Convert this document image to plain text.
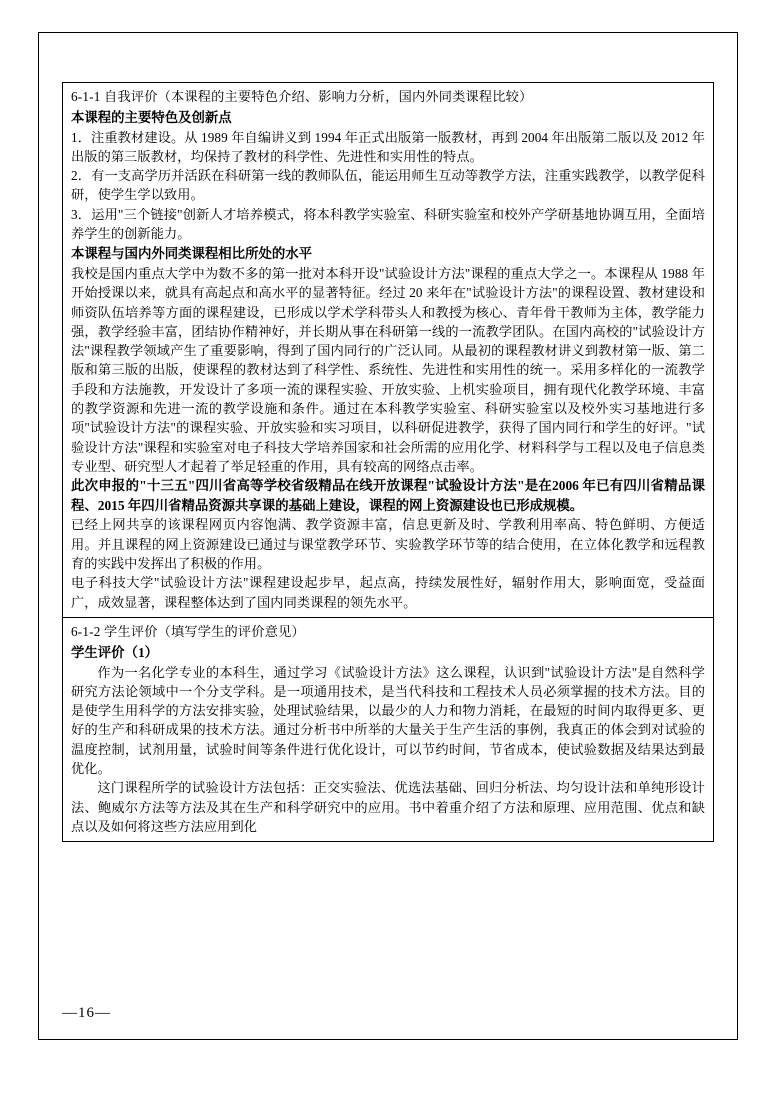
6-1-1 自我评价（本课程的主要特色介绍、影响力分析，国内外同类课程比较）

本课程的主要特色及创新点

1．注重教材建设。从 1989 年自编讲义到 1994 年正式出版第一版教材，再到 2004 年出版第二版以及 2012 年出版的第三版教材，均保持了教材的科学性、先进性和实用性的特点。

2．有一支高学历并活跃在科研第一线的教师队伍，能运用师生互动等教学方法，注重实践教学，以教学促科研，使学生学以致用。

3．运用"三个链接"创新人才培养模式，将本科教学实验室、科研实验室和校外产学研基地协调互用，全面培养学生的创新能力。

本课程与国内外同类课程相比所处的水平

我校是国内重点大学中为数不多的第一批对本科开设"试验设计方法"课程的重点大学之一。本课程从 1988 年开始授课以来，就具有高起点和高水平的显著特征。经过 20 来年在"试验设计方法"的课程设置、教材建设和师资队伍培养等方面的课程建设，已形成以学术学科带头人和教授为核心、青年骨干教师为主体，教学能力强，教学经验丰富，团结协作精神好，并长期从事在科研第一线的一流教学团队。在国内高校的"试验设计方法"课程教学领域产生了重要影响，得到了国内同行的广泛认同。从最初的课程教材讲义到教材第一版、第二版和第三版的出版，使课程的教材达到了科学性、系统性、先进性和实用性的统一。采用多样化的一流教学手段和方法施教，开发设计了多项一流的课程实验、开放实验、上机实验项目，拥有现代化教学环境、丰富的教学资源和先进一流的教学设施和条件。通过在本科教学实验室、科研实验室以及校外实习基地进行多项"试验设计方法"的课程实验、开放实验和实习项目，以科研促进教学，获得了国内同行和学生的好评。"试验设计方法"课程和实验室对电子科技大学培养国家和社会所需的应用化学、材料科学与工程以及电子信息类专业型、研究型人才起着了举足轻重的作用，具有较高的网络点击率。

此次申报的"十三五"四川省高等学校省级精品在线开放课程"试验设计方法"是在2006 年已有四川省精品课程、2015 年四川省精品资源共享课的基础上建设，课程的网上资源建设也已形成规模。

已经上网共享的该课程网页内容饱满、教学资源丰富，信息更新及时、学教利用率高、特色鲜明、方便适用。并且课程的网上资源建设已通过与课堂教学环节、实验教学环节等的结合使用，在立体化教学和远程教育的实践中发挥出了积极的作用。

电子科技大学"试验设计方法"课程建设起步早，起点高，持续发展性好，辐射作用大，影响面宽，受益面广，成效显著，课程整体达到了国内同类课程的领先水平。

6-1-2 学生评价（填写学生的评价意见）

学生评价（1）

作为一名化学专业的本科生，通过学习《试验设计方法》这么课程，认识到"试验设计方法"是自然科学研究方法论领域中一个分支学科。是一项通用技术，是当代科技和工程技术人员必须掌握的技术方法。目的是使学生用科学的方法安排实验，处理试验结果，以最少的人力和物力消耗，在最短的时间内取得更多、更好的生产和科研成果的技术方法。通过分析书中所举的大量关于生产生活的事例，我真正的体会到对试验的温度控制，试剂用量，试验时间等条件进行优化设计，可以节约时间，节省成本，使试验数据及结果达到最优化。

这门课程所学的试验设计方法包括：正交实验法、优选法基础、回归分析法、均匀设计法和单纯形设计法、鲍威尔方法等方法及其在生产和科学研究中的应用。书中着重介绍了方法和原理、应用范围、优点和缺点以及如何将这些方法应用到化

—16—
